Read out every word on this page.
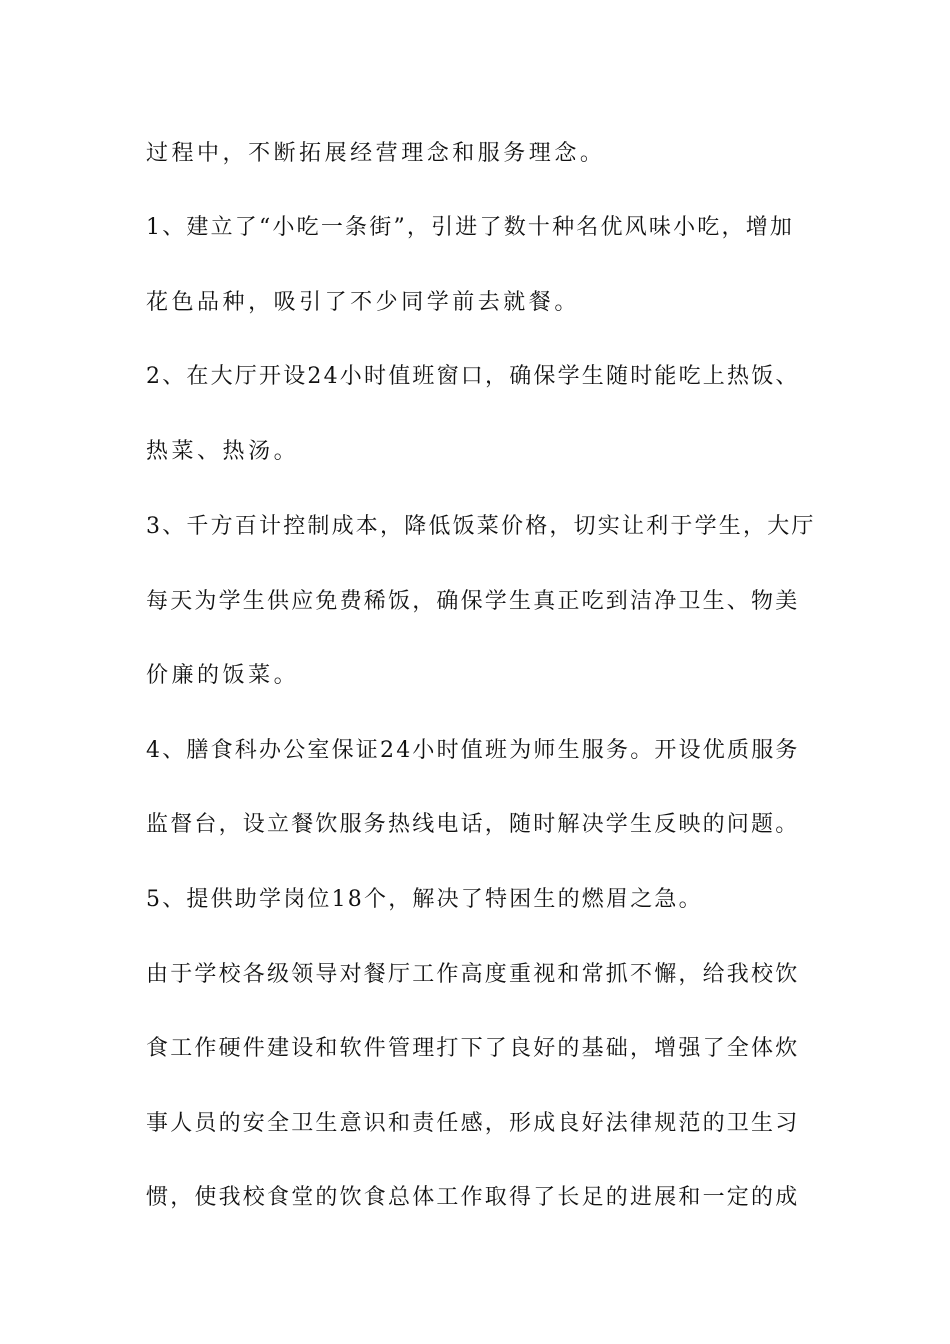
过程中，不断拓展经营理念和服务理念。
1、建立了“小吃一条街”，引进了数十种名优风味小吃，增加
花色品种，吸引了不少同学前去就餐。
2、在大厅开设24小时值班窗口，确保学生随时能吃上热饭、
热菜、热汤。
3、千方百计控制成本，降低饭菜价格，切实让利于学生，大厅
每天为学生供应免费稀饭，确保学生真正吃到洁净卫生、物美
价廉的饭菜。
4、膳食科办公室保证24小时值班为师生服务。开设优质服务
监督台，设立餐饮服务热线电话，随时解决学生反映的问题。
5、提供助学岗位18个，解决了特困生的燃眉之急。
由于学校各级领导对餐厅工作高度重视和常抓不懈，给我校饮
食工作硬件建设和软件管理打下了良好的基础，增强了全体炊
事人员的安全卫生意识和责任感，形成良好法律规范的卫生习
惯，使我校食堂的饮食总体工作取得了长足的进展和一定的成
